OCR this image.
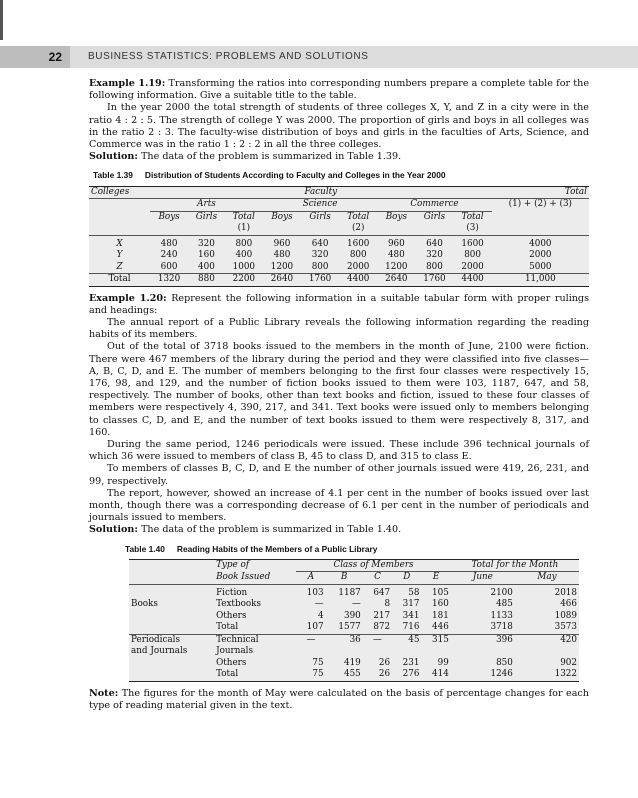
22	BUSINESS STATISTICS: PROBLEMS AND SOLUTIONS

Example 1.19: Transforming the ratios into corresponding numbers prepare a complete table for the following information. Give a suitable title to the table.

In the year 2000 the total strength of students of three colleges X, Y, and Z in a city were in the ratio 4 : 2 : 5. The strength of college Y was 2000. The proportion of girls and boys in all colleges was in the ratio 2 : 3. The faculty-wise distribution of boys and girls in the faculties of Arts, Science, and Commerce was in the ratio 1 : 2 : 2 in all the three colleges.

Solution: The data of the problem is summarized in Table 1.39.

Table 1.39 Distribution of Students According to Faculty and Colleges in the Year 2000
Colleges	Faculty									Total
	Arts			Science			Commerce			(1) + (2) + (3)
	Boys	Girls	Total	Boys	Girls	Total	Boys	Girls	Total	
			(1)			(2)			(3)	

X	480	320	800	960	640	1600	960	640	1600	4000
Y	240	160	400	480	320	800	480	320	800	2000
Z	600	400	1000	1200	800	2000	1200	800	2000	5000
Total	1320	880	2200	2640	1760	4400	2640	1760	4400	11,000

Example 1.20: Represent the following information in a suitable tabular form with proper rulings and headings:

The annual report of a Public Library reveals the following information regarding the reading habits of its members.

Out of the total of 3718 books issued to the members in the month of June, 2100 were fiction. There were 467 members of the library during the period and they were classified into five classes—A, B, C, D, and E. The number of members belonging to the first four classes were respectively 15, 176, 98, and 129, and the number of fiction books issued to them were 103, 1187, 647, and 58, respectively. The number of books, other than text books and fiction, issued to these four classes of members were respectively 4, 390, 217, and 341. Text books were issued only to members belonging to classes C, D, and E, and the number of text books issued to them were respectively 8, 317, and 160.

During the same period, 1246 periodicals were issued. These include 396 technical journals of which 36 were issued to members of class B, 45 to class D, and 315 to class E.

To members of classes B, C, D, and E the number of other journals issued were 419, 26, 231, and 99, respectively.

The report, however, showed an increase of 4.1 per cent in the number of books issued over last month, though there was a corresponding decrease of 6.1 per cent in the number of periodicals and journals issued to members.

Solution: The data of the problem is summarized in Table 1.40.

Table 1.40 Reading Habits of the Members of a Public Library
	Type of	Class of Members					Total for the Month	
	Book Issued	A	B	C	D	E	June	May

	Fiction	103	1187	647	58	105	2100	2018
Books	Textbooks	—	—	8	317	160	485	466
	Others	4	390	217	341	181	1133	1089
	Total	107	1577	872	716	446	3718	3573
Periodicals	Technical	—	36	—	45	315	396	420
and Journals	Journals							
	Others	75	419	26	231	99	850	902
	Total	75	455	26	276	414	1246	1322

Note: The figures for the month of May were calculated on the basis of percentage changes for each type of reading material given in the text.
